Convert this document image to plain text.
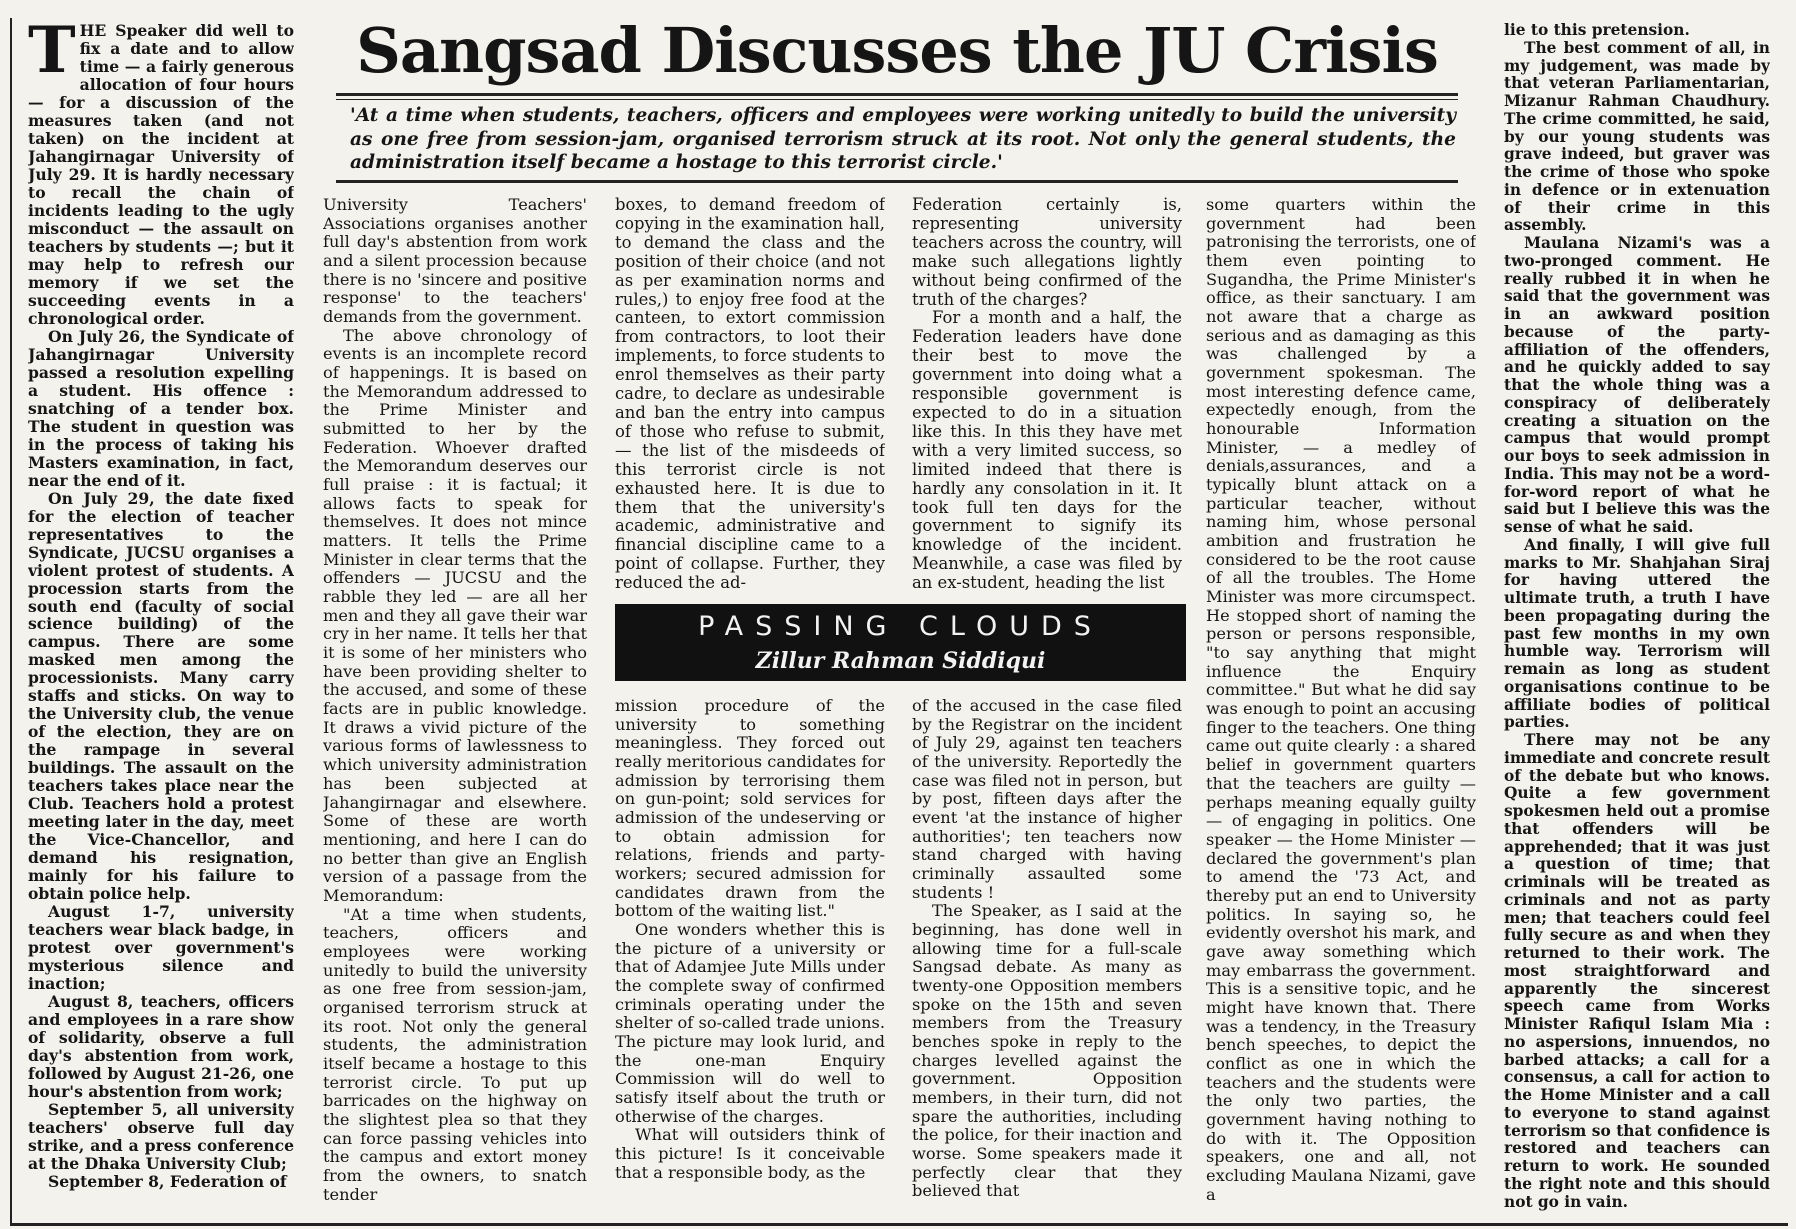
THE Speaker did well to fix a date and to allow time — a fairly generous allocation of four hours — for a discussion of the measures taken (and not taken) on the incident at Jahangirnagar University of July 29. It is hardly necessary to recall the chain of incidents leading to the ugly misconduct — the assault on teachers by students —; but it may help to refresh our memory if we set the succeeding events in a chronological order.

On July 26, the Syndicate of Jahangirnagar University passed a resolution expelling a student. His offence : snatching of a tender box. The student in question was in the process of taking his Masters examination, in fact, near the end of it.

On July 29, the date fixed for the election of teacher representatives to the Syndicate, JUCSU organises a violent protest of students. A procession starts from the south end (faculty of social science building) of the campus. There are some masked men among the processionists. Many carry staffs and sticks. On way to the University club, the venue of the election, they are on the rampage in several buildings. The assault on the teachers takes place near the Club. Teachers hold a protest meeting later in the day, meet the Vice-Chancellor, and demand his resignation, mainly for his failure to obtain police help.

August 1-7, university teachers wear black badge, in protest over government's mysterious silence and inaction;

August 8, teachers, officers and employees in a rare show of solidarity, observe a full day's abstention from work, followed by August 21-26, one hour's abstention from work;

September 5, all university teachers' observe full day strike, and a press conference at the Dhaka University Club;

September 8, Federation of

Sangsad Discusses the JU Crisis
'At a time when students, teachers, officers and employees were working unitedly to build the university as one free from session-jam, organised terrorism struck at its root. Not only the general students, the administration itself became a hostage to this terrorist circle.'

University Teachers' Associations organises another full day's abstention from work and a silent procession because there is no 'sincere and positive response' to the teachers' demands from the government.

The above chronology of events is an incomplete record of happenings. It is based on the Memorandum addressed to the Prime Minister and submitted to her by the Federation. Whoever drafted the Memorandum deserves our full praise : it is factual; it allows facts to speak for themselves. It does not mince matters. It tells the Prime Minister in clear terms that the offenders — JUCSU and the rabble they led — are all her men and they all gave their war cry in her name. It tells her that it is some of her ministers who have been providing shelter to the accused, and some of these facts are in public knowledge. It draws a vivid picture of the various forms of lawlessness to which university administration has been subjected at Jahangirnagar and elsewhere. Some of these are worth mentioning, and here I can do no better than give an English version of a passage from the Memorandum:

"At a time when students, teachers, officers and employees were working unitedly to build the university as one free from session-jam, organised terrorism struck at its root. Not only the general students, the administration itself became a hostage to this terrorist circle. To put up barricades on the highway on the slightest plea so that they can force passing vehicles into the campus and extort money from the owners, to snatch tender

boxes, to demand freedom of copying in the examination hall, to demand the class and the position of their choice (and not as per examination norms and rules,) to enjoy free food at the canteen, to extort commission from contractors, to loot their implements, to force students to enrol themselves as their party cadre, to declare as undesirable and ban the entry into campus of those who refuse to submit, — the list of the misdeeds of this terrorist circle is not exhausted here. It is due to them that the university's academic, administrative and financial discipline came to a point of collapse. Further, they reduced the ad-

mission procedure of the university to something meaningless. They forced out really meritorious candidates for admission by terrorising them on gun-point; sold services for admission of the undeserving or to obtain admission for relations, friends and party-workers; secured admission for candidates drawn from the bottom of the waiting list."

One wonders whether this is the picture of a university or that of Adamjee Jute Mills under the complete sway of confirmed criminals operating under the shelter of so-called trade unions. The picture may look lurid, and the one-man Enquiry Commission will do well to satisfy itself about the truth or otherwise of the charges.

What will outsiders think of this picture! Is it conceivable that a responsible body, as the

Federation certainly is, representing university teachers across the country, will make such allegations lightly without being confirmed of the truth of the charges?

For a month and a half, the Federation leaders have done their best to move the government into doing what a responsible government is expected to do in a situation like this. In this they have met with a very limited success, so limited indeed that there is hardly any consolation in it. It took full ten days for the government to signify its knowledge of the incident. Meanwhile, a case was filed by an ex-student, heading the list

of the accused in the case filed by the Registrar on the incident of July 29, against ten teachers of the university. Reportedly the case was filed not in person, but by post, fifteen days after the event 'at the instance of higher authorities'; ten teachers now stand charged with having criminally assaulted some students !

The Speaker, as I said at the beginning, has done well in allowing time for a full-scale Sangsad debate. As many as twenty-one Opposition members spoke on the 15th and seven members from the Treasury benches spoke in reply to the charges levelled against the government. Opposition members, in their turn, did not spare the authorities, including the police, for their inaction and worse. Some speakers made it perfectly clear that they believed that

PASSING CLOUDS
Zillur Rahman Siddiqui

some quarters within the government had been patronising the terrorists, one of them even pointing to Sugandha, the Prime Minister's office, as their sanctuary. I am not aware that a charge as serious and as damaging as this was challenged by a government spokesman. The most interesting defence came, expectedly enough, from the honourable Information Minister, — a medley of denials,assurances, and a typically blunt attack on a particular teacher, without naming him, whose personal ambition and frustration he considered to be the root cause of all the troubles. The Home Minister was more circumspect. He stopped short of naming the person or persons responsible, "to say anything that might influence the Enquiry committee." But what he did say was enough to point an accusing finger to the teachers. One thing came out quite clearly : a shared belief in government quarters that the teachers are guilty — perhaps meaning equally guilty — of engaging in politics. One speaker — the Home Minister — declared the government's plan to amend the '73 Act, and thereby put an end to University politics. In saying so, he evidently overshot his mark, and gave away something which may embarrass the government. This is a sensitive topic, and he might have known that. There was a tendency, in the Treasury bench speeches, to depict the conflict as one in which the teachers and the students were the only two parties, the government having nothing to do with it. The Opposition speakers, one and all, not excluding Maulana Nizami, gave a

lie to this pretension.

The best comment of all, in my judgement, was made by that veteran Parliamentarian, Mizanur Rahman Chaudhury. The crime committed, he said, by our young students was grave indeed, but graver was the crime of those who spoke in defence or in extenuation of their crime in this assembly.

Maulana Nizami's was a two-pronged comment. He really rubbed it in when he said that the government was in an awkward position because of the party-affiliation of the offenders, and he quickly added to say that the whole thing was a conspiracy of deliberately creating a situation on the campus that would prompt our boys to seek admission in India. This may not be a word-for-word report of what he said but I believe this was the sense of what he said.

And finally, I will give full marks to Mr. Shahjahan Siraj for having uttered the ultimate truth, a truth I have been propagating during the past few months in my own humble way. Terrorism will remain as long as student organisations continue to be affiliate bodies of political parties.

There may not be any immediate and concrete result of the debate but who knows. Quite a few government spokesmen held out a promise that offenders will be apprehended; that it was just a question of time; that criminals will be treated as criminals and not as party men; that teachers could feel fully secure as and when they returned to their work. The most straightforward and apparently the sincerest speech came from Works Minister Rafiqul Islam Mia : no aspersions, innuendos, no barbed attacks; a call for a consensus, a call for action to the Home Minister and a call to everyone to stand against terrorism so that confidence is restored and teachers can return to work. He sounded the right note and this should not go in vain.
